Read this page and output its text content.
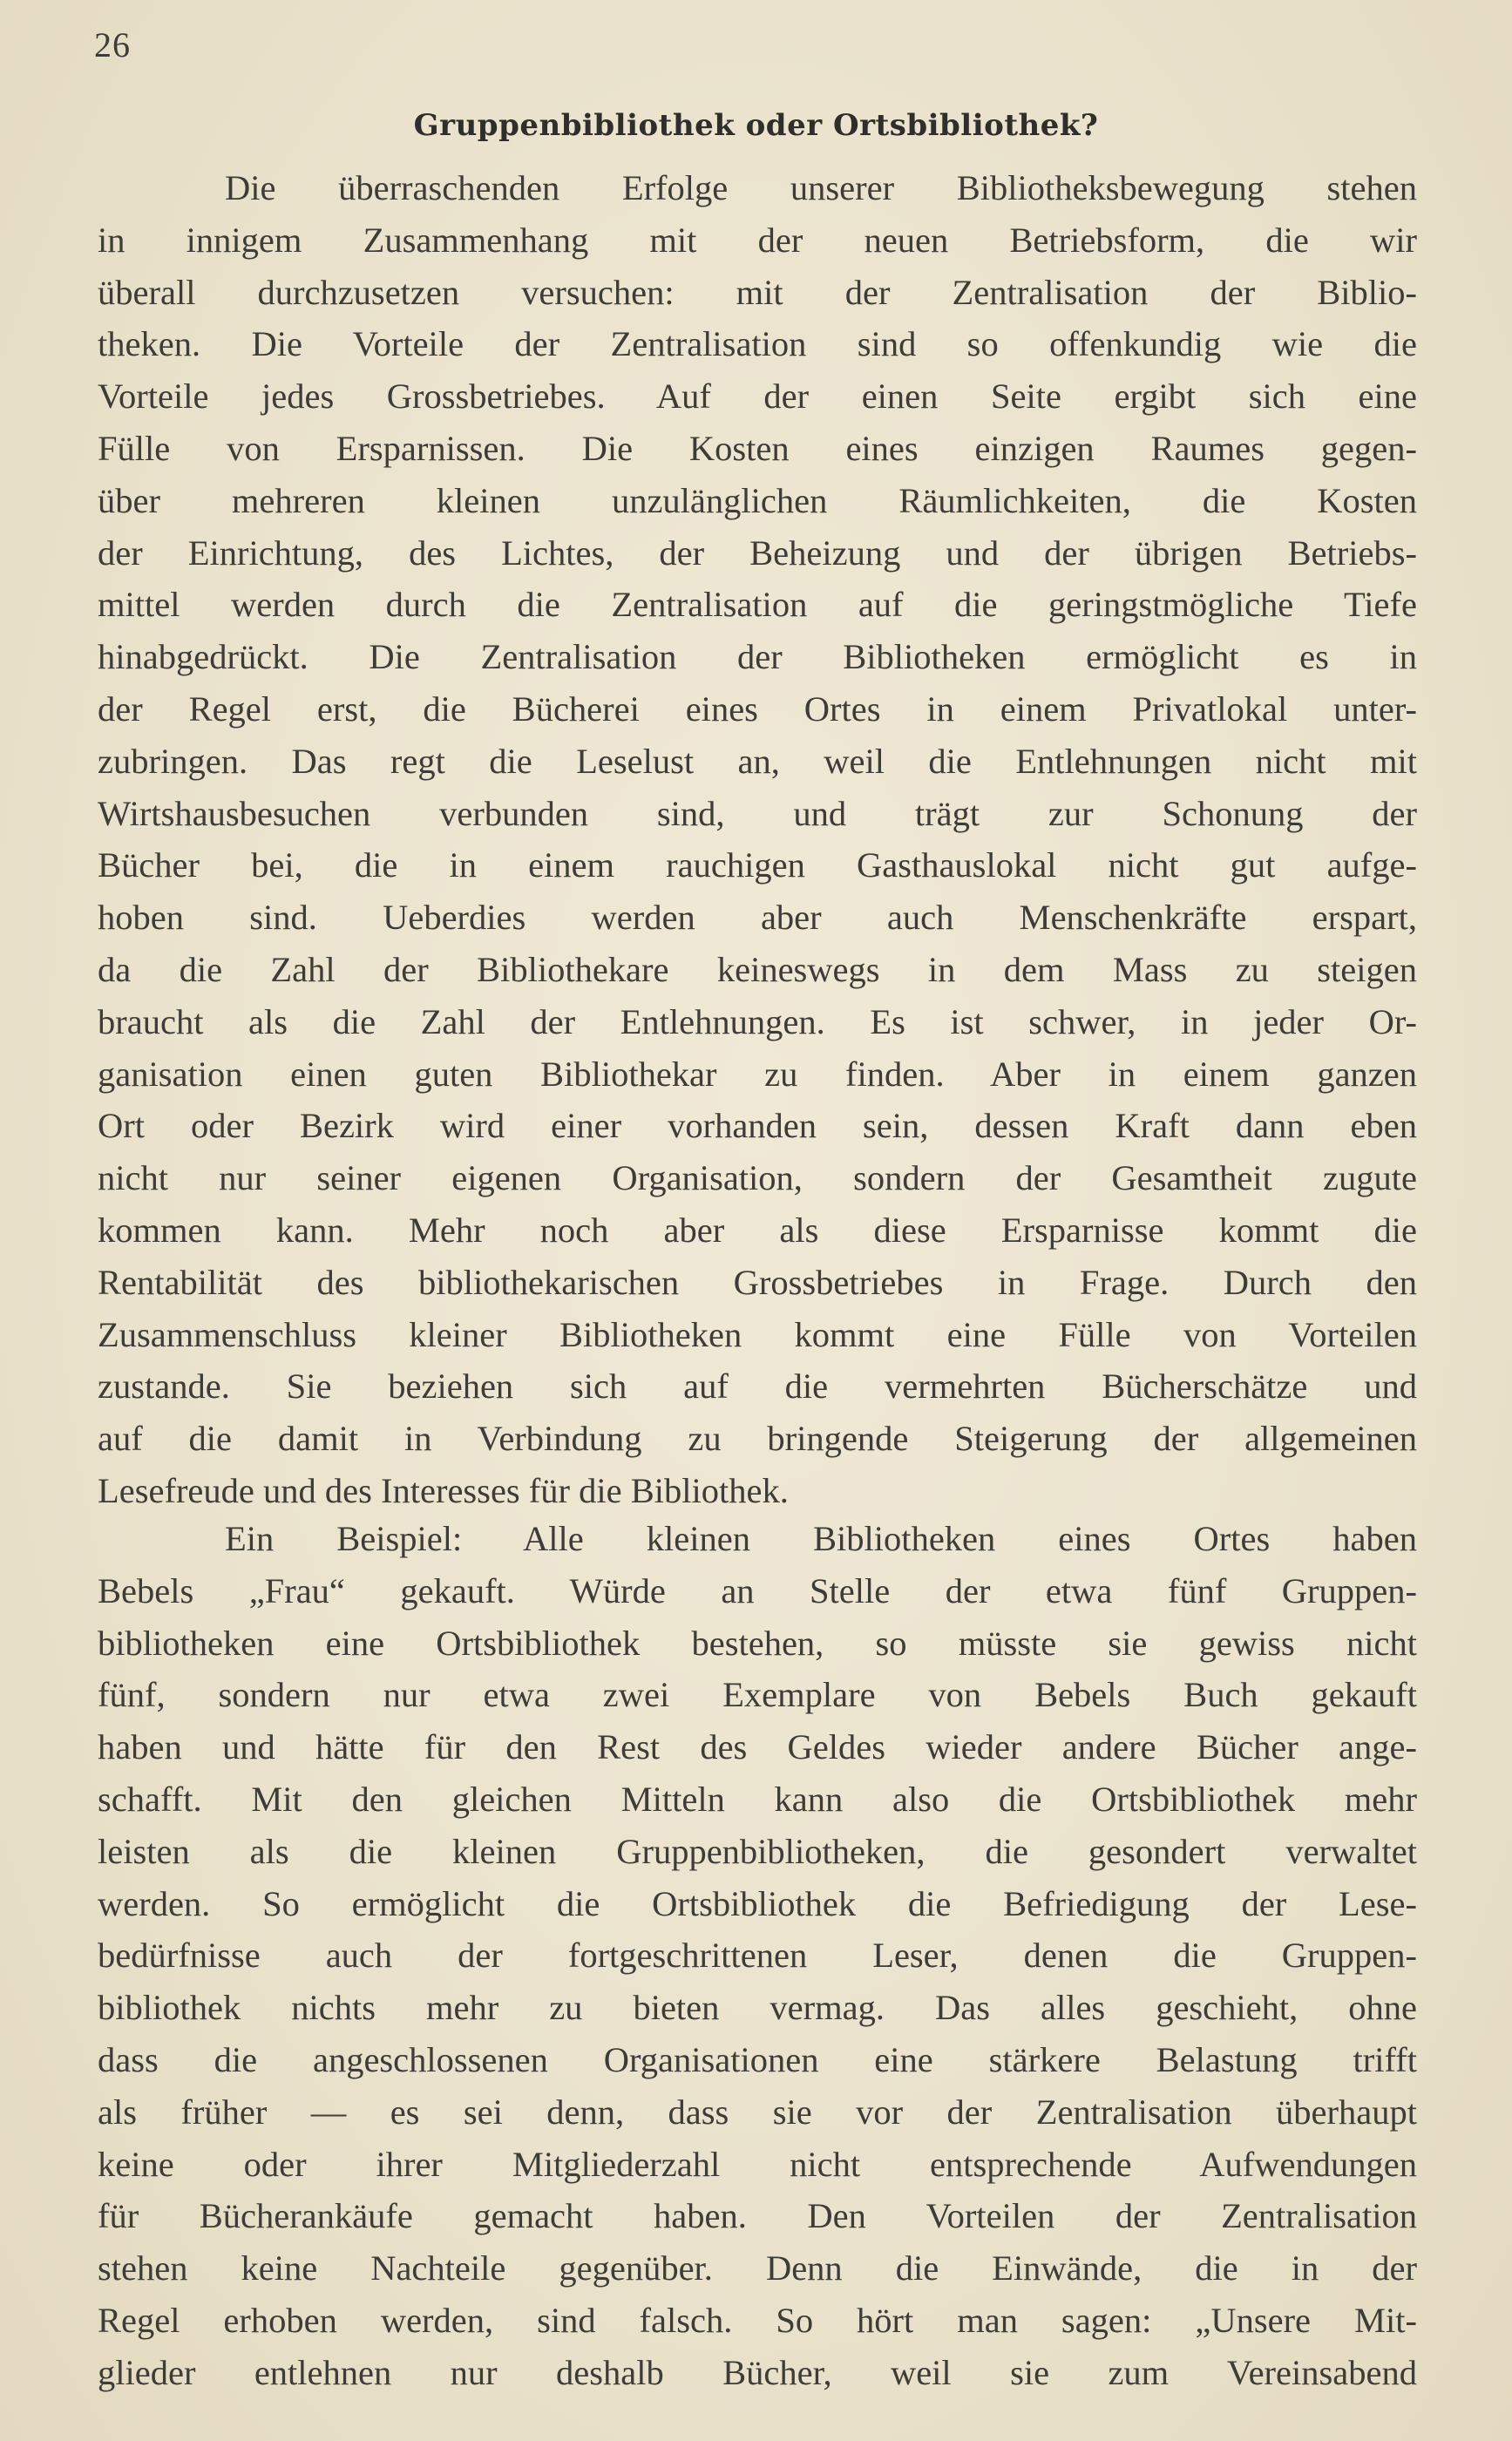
26
Gruppenbibliothek oder Ortsbibliothek?
Die überraschenden Erfolge unserer Bibliotheksbewegung stehen
in innigem Zusammenhang mit der neuen Betriebsform, die wir
überall durchzusetzen versuchen: mit der Zentralisation der Biblio-
theken. Die Vorteile der Zentralisation sind so offenkundig wie die
Vorteile jedes Grossbetriebes. Auf der einen Seite ergibt sich eine
Fülle von Ersparnissen. Die Kosten eines einzigen Raumes gegen-
über mehreren kleinen unzulänglichen Räumlichkeiten, die Kosten
der Einrichtung, des Lichtes, der Beheizung und der übrigen Betriebs-
mittel werden durch die Zentralisation auf die geringstmögliche Tiefe
hinabgedrückt. Die Zentralisation der Bibliotheken ermöglicht es in
der Regel erst, die Bücherei eines Ortes in einem Privatlokal unter-
zubringen. Das regt die Leselust an, weil die Entlehnungen nicht mit
Wirtshausbesuchen verbunden sind, und trägt zur Schonung der
Bücher bei, die in einem rauchigen Gasthauslokal nicht gut aufge-
hoben sind. Ueberdies werden aber auch Menschenkräfte erspart,
da die Zahl der Bibliothekare keineswegs in dem Mass zu steigen
braucht als die Zahl der Entlehnungen. Es ist schwer, in jeder Or-
ganisation einen guten Bibliothekar zu finden. Aber in einem ganzen
Ort oder Bezirk wird einer vorhanden sein, dessen Kraft dann eben
nicht nur seiner eigenen Organisation, sondern der Gesamtheit zugute
kommen kann. Mehr noch aber als diese Ersparnisse kommt die
Rentabilität des bibliothekarischen Grossbetriebes in Frage. Durch den
Zusammenschluss kleiner Bibliotheken kommt eine Fülle von Vorteilen
zustande. Sie beziehen sich auf die vermehrten Bücherschätze und
auf die damit in Verbindung zu bringende Steigerung der allgemeinen
Lesefreude und des Interesses für die Bibliothek.
Ein Beispiel: Alle kleinen Bibliotheken eines Ortes haben
Bebels „Frau“ gekauft. Würde an Stelle der etwa fünf Gruppen-
bibliotheken eine Ortsbibliothek bestehen, so müsste sie gewiss nicht
fünf, sondern nur etwa zwei Exemplare von Bebels Buch gekauft
haben und hätte für den Rest des Geldes wieder andere Bücher ange-
schafft. Mit den gleichen Mitteln kann also die Ortsbibliothek mehr
leisten als die kleinen Gruppenbibliotheken, die gesondert verwaltet
werden. So ermöglicht die Ortsbibliothek die Befriedigung der Lese-
bedürfnisse auch der fortgeschrittenen Leser, denen die Gruppen-
bibliothek nichts mehr zu bieten vermag. Das alles geschieht, ohne
dass die angeschlossenen Organisationen eine stärkere Belastung trifft
als früher — es sei denn, dass sie vor der Zentralisation überhaupt
keine oder ihrer Mitgliederzahl nicht entsprechende Aufwendungen
für Bücherankäufe gemacht haben. Den Vorteilen der Zentralisation
stehen keine Nachteile gegenüber. Denn die Einwände, die in der
Regel erhoben werden, sind falsch. So hört man sagen: „Unsere Mit-
glieder entlehnen nur deshalb Bücher, weil sie zum Vereinsabend
